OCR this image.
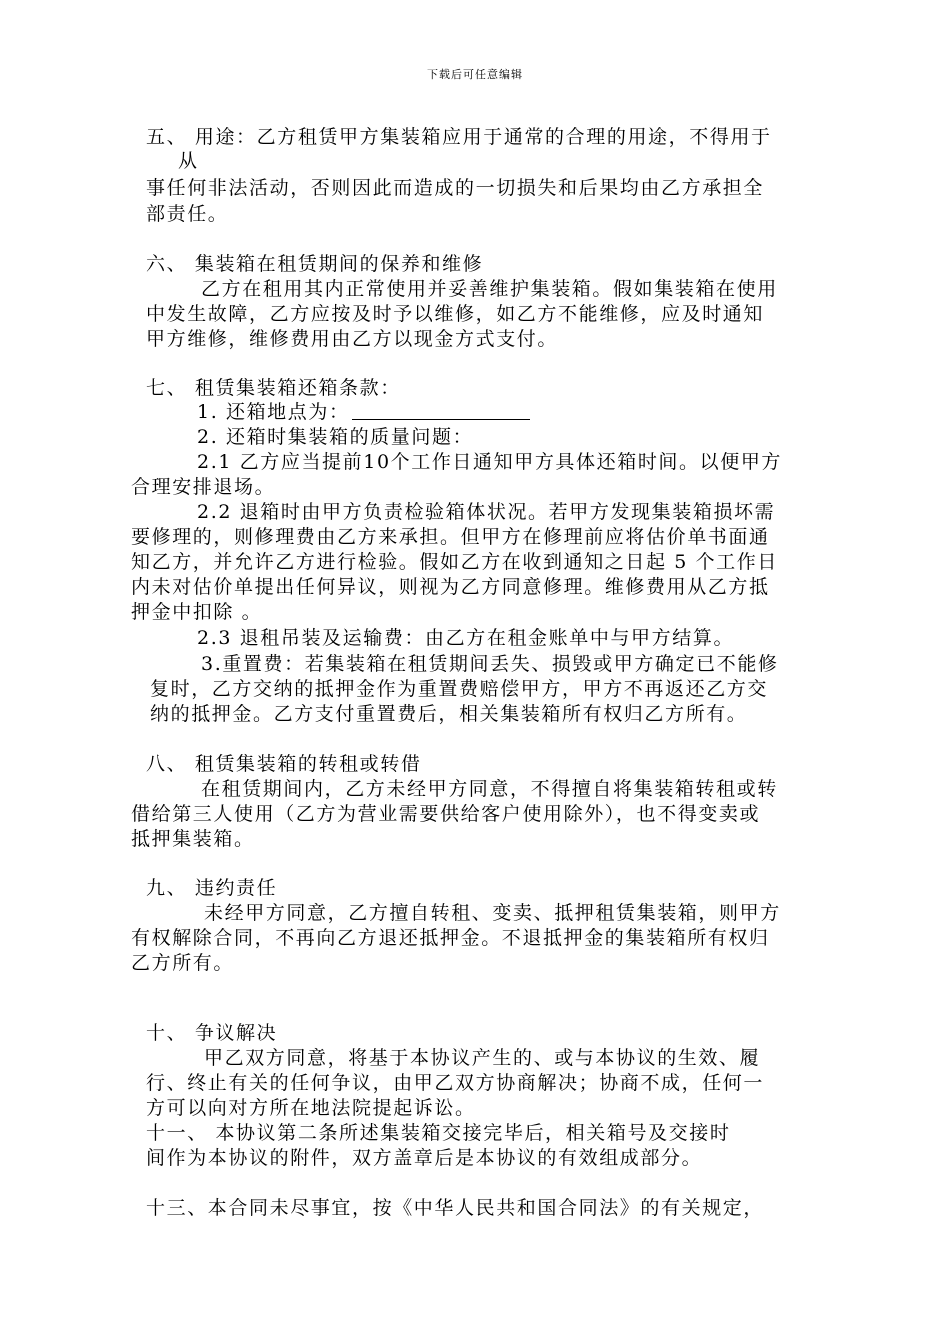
下载后可任意编辑
五、 用途：乙方租赁甲方集装箱应用于通常的合理的用途，不得用于
从
事任何非法活动，否则因此而造成的一切损失和后果均由乙方承担全
部责任。
六、 集装箱在租赁期间的保养和维修
乙方在租用其内正常使用并妥善维护集装箱。假如集装箱在使用
中发生故障，乙方应按及时予以维修，如乙方不能维修，应及时通知
甲方维修，维修费用由乙方以现金方式支付。
七、 租赁集装箱还箱条款：
1. 还箱地点为：
2. 还箱时集装箱的质量问题：
2.1 乙方应当提前10个工作日通知甲方具体还箱时间。以便甲方
合理安排退场。
2.2 退箱时由甲方负责检验箱体状况。若甲方发现集装箱损坏需
要修理的，则修理费由乙方来承担。但甲方在修理前应将估价单书面通
知乙方，并允许乙方进行检验。假如乙方在收到通知之日起 5 个工作日
内未对估价单提出任何异议，则视为乙方同意修理。维修费用从乙方抵
押金中扣除 。
2.3 退租吊装及运输费：由乙方在租金账单中与甲方结算。
3.重置费：若集装箱在租赁期间丢失、损毁或甲方确定已不能修
复时，乙方交纳的抵押金作为重置费赔偿甲方，甲方不再返还乙方交
纳的抵押金。乙方支付重置费后，相关集装箱所有权归乙方所有。
八、 租赁集装箱的转租或转借
在租赁期间内，乙方未经甲方同意，不得擅自将集装箱转租或转
借给第三人使用（乙方为营业需要供给客户使用除外），也不得变卖或
抵押集装箱。
九、 违约责任
未经甲方同意，乙方擅自转租、变卖、抵押租赁集装箱，则甲方
有权解除合同，不再向乙方退还抵押金。不退抵押金的集装箱所有权归
乙方所有。
十、 争议解决
甲乙双方同意，将基于本协议产生的、或与本协议的生效、履
行、终止有关的任何争议，由甲乙双方协商解决；协商不成，任何一
方可以向对方所在地法院提起诉讼。
十一、 本协议第二条所述集装箱交接完毕后，相关箱号及交接时
间作为本协议的附件，双方盖章后是本协议的有效组成部分。
十三、本合同未尽事宜，按《中华人民共和国合同法》的有关规定，
